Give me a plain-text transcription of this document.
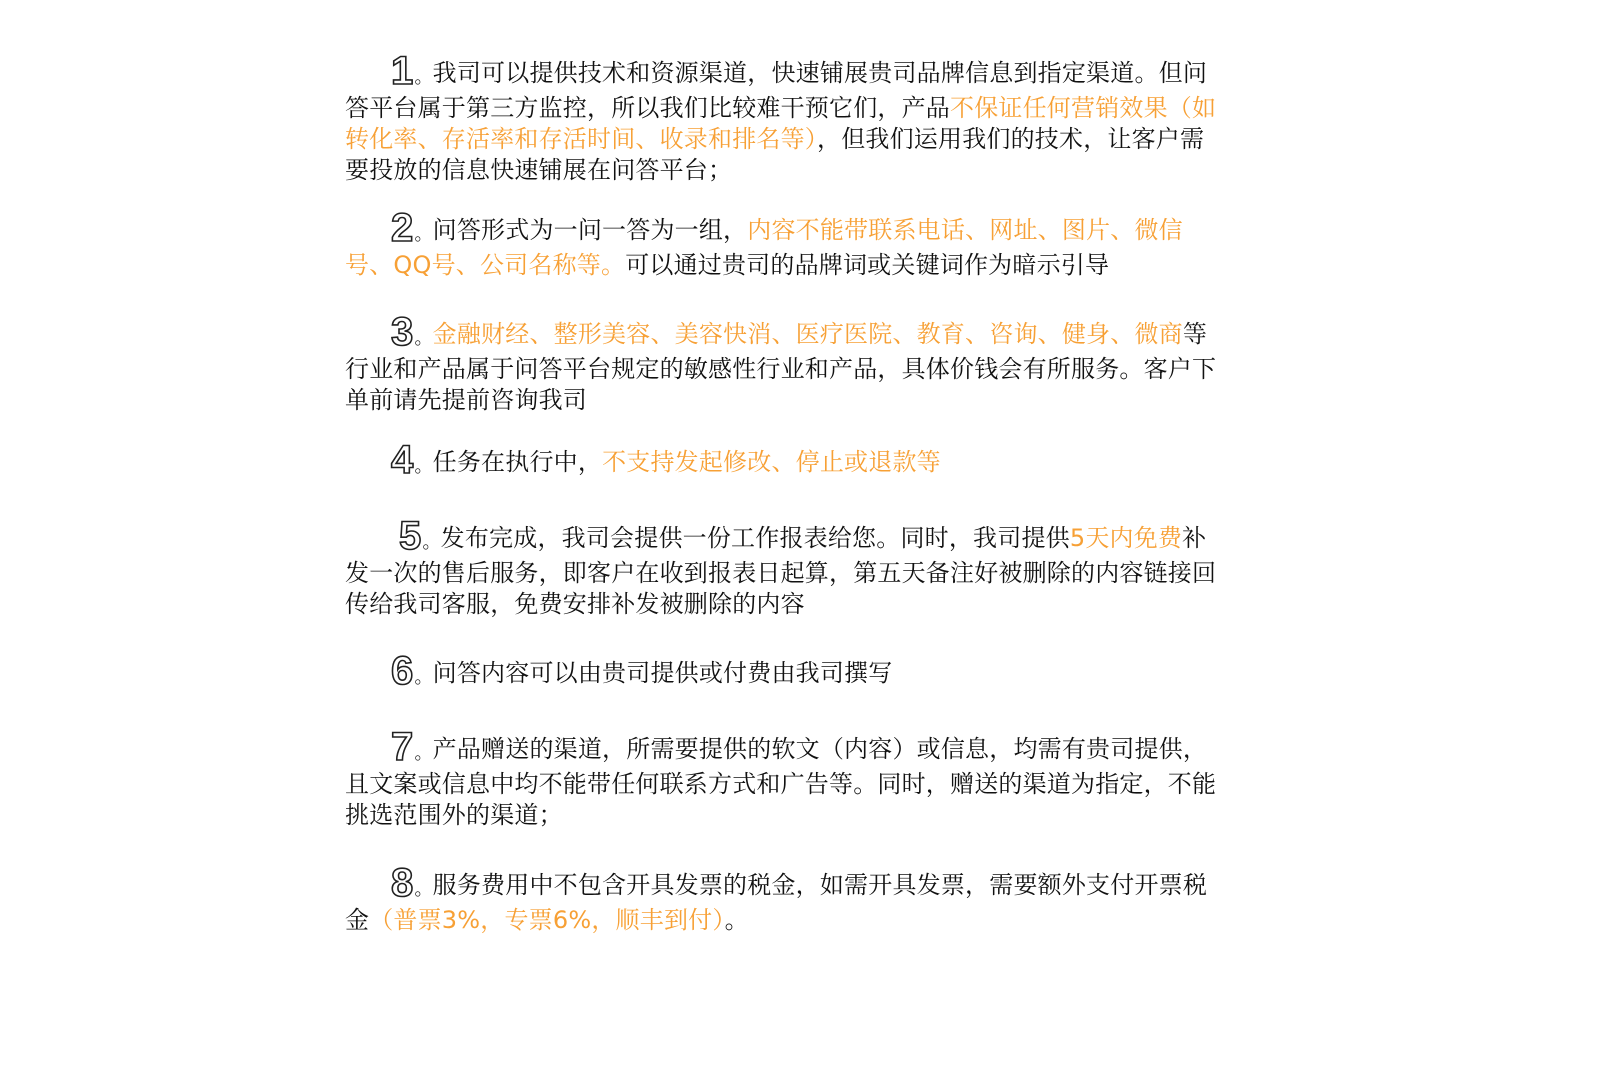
1。我司可以提供技术和资源渠道，快速铺展贵司品牌信息到指定渠道。但问答平台属于第三方监控，所以我们比较难干预它们，产品不保证任何营销效果（如转化率、存活率和存活时间、收录和排名等），但我们运用我们的技术，让客户需要投放的信息快速铺展在问答平台；
2。问答形式为一问一答为一组，内容不能带联系电话、网址、图片、微信号、QQ号、公司名称等。可以通过贵司的品牌词或关键词作为暗示引导
3。金融财经、整形美容、美容快消、医疗医院、教育、咨询、健身、微商等行业和产品属于问答平台规定的敏感性行业和产品，具体价钱会有所服务。客户下单前请先提前咨询我司
4。任务在执行中，不支持发起修改、停止或退款等
5。发布完成，我司会提供一份工作报表给您。同时，我司提供5天内免费补发一次的售后服务，即客户在收到报表日起算，第五天备注好被删除的内容链接回传给我司客服，免费安排补发被删除的内容
6。问答内容可以由贵司提供或付费由我司撰写
7。产品赠送的渠道，所需要提供的软文（内容）或信息，均需有贵司提供，且文案或信息中均不能带任何联系方式和广告等。同时，赠送的渠道为指定，不能挑选范围外的渠道；
8。服务费用中不包含开具发票的税金，如需开具发票，需要额外支付开票税金（普票3%，专票6%，顺丰到付）。
